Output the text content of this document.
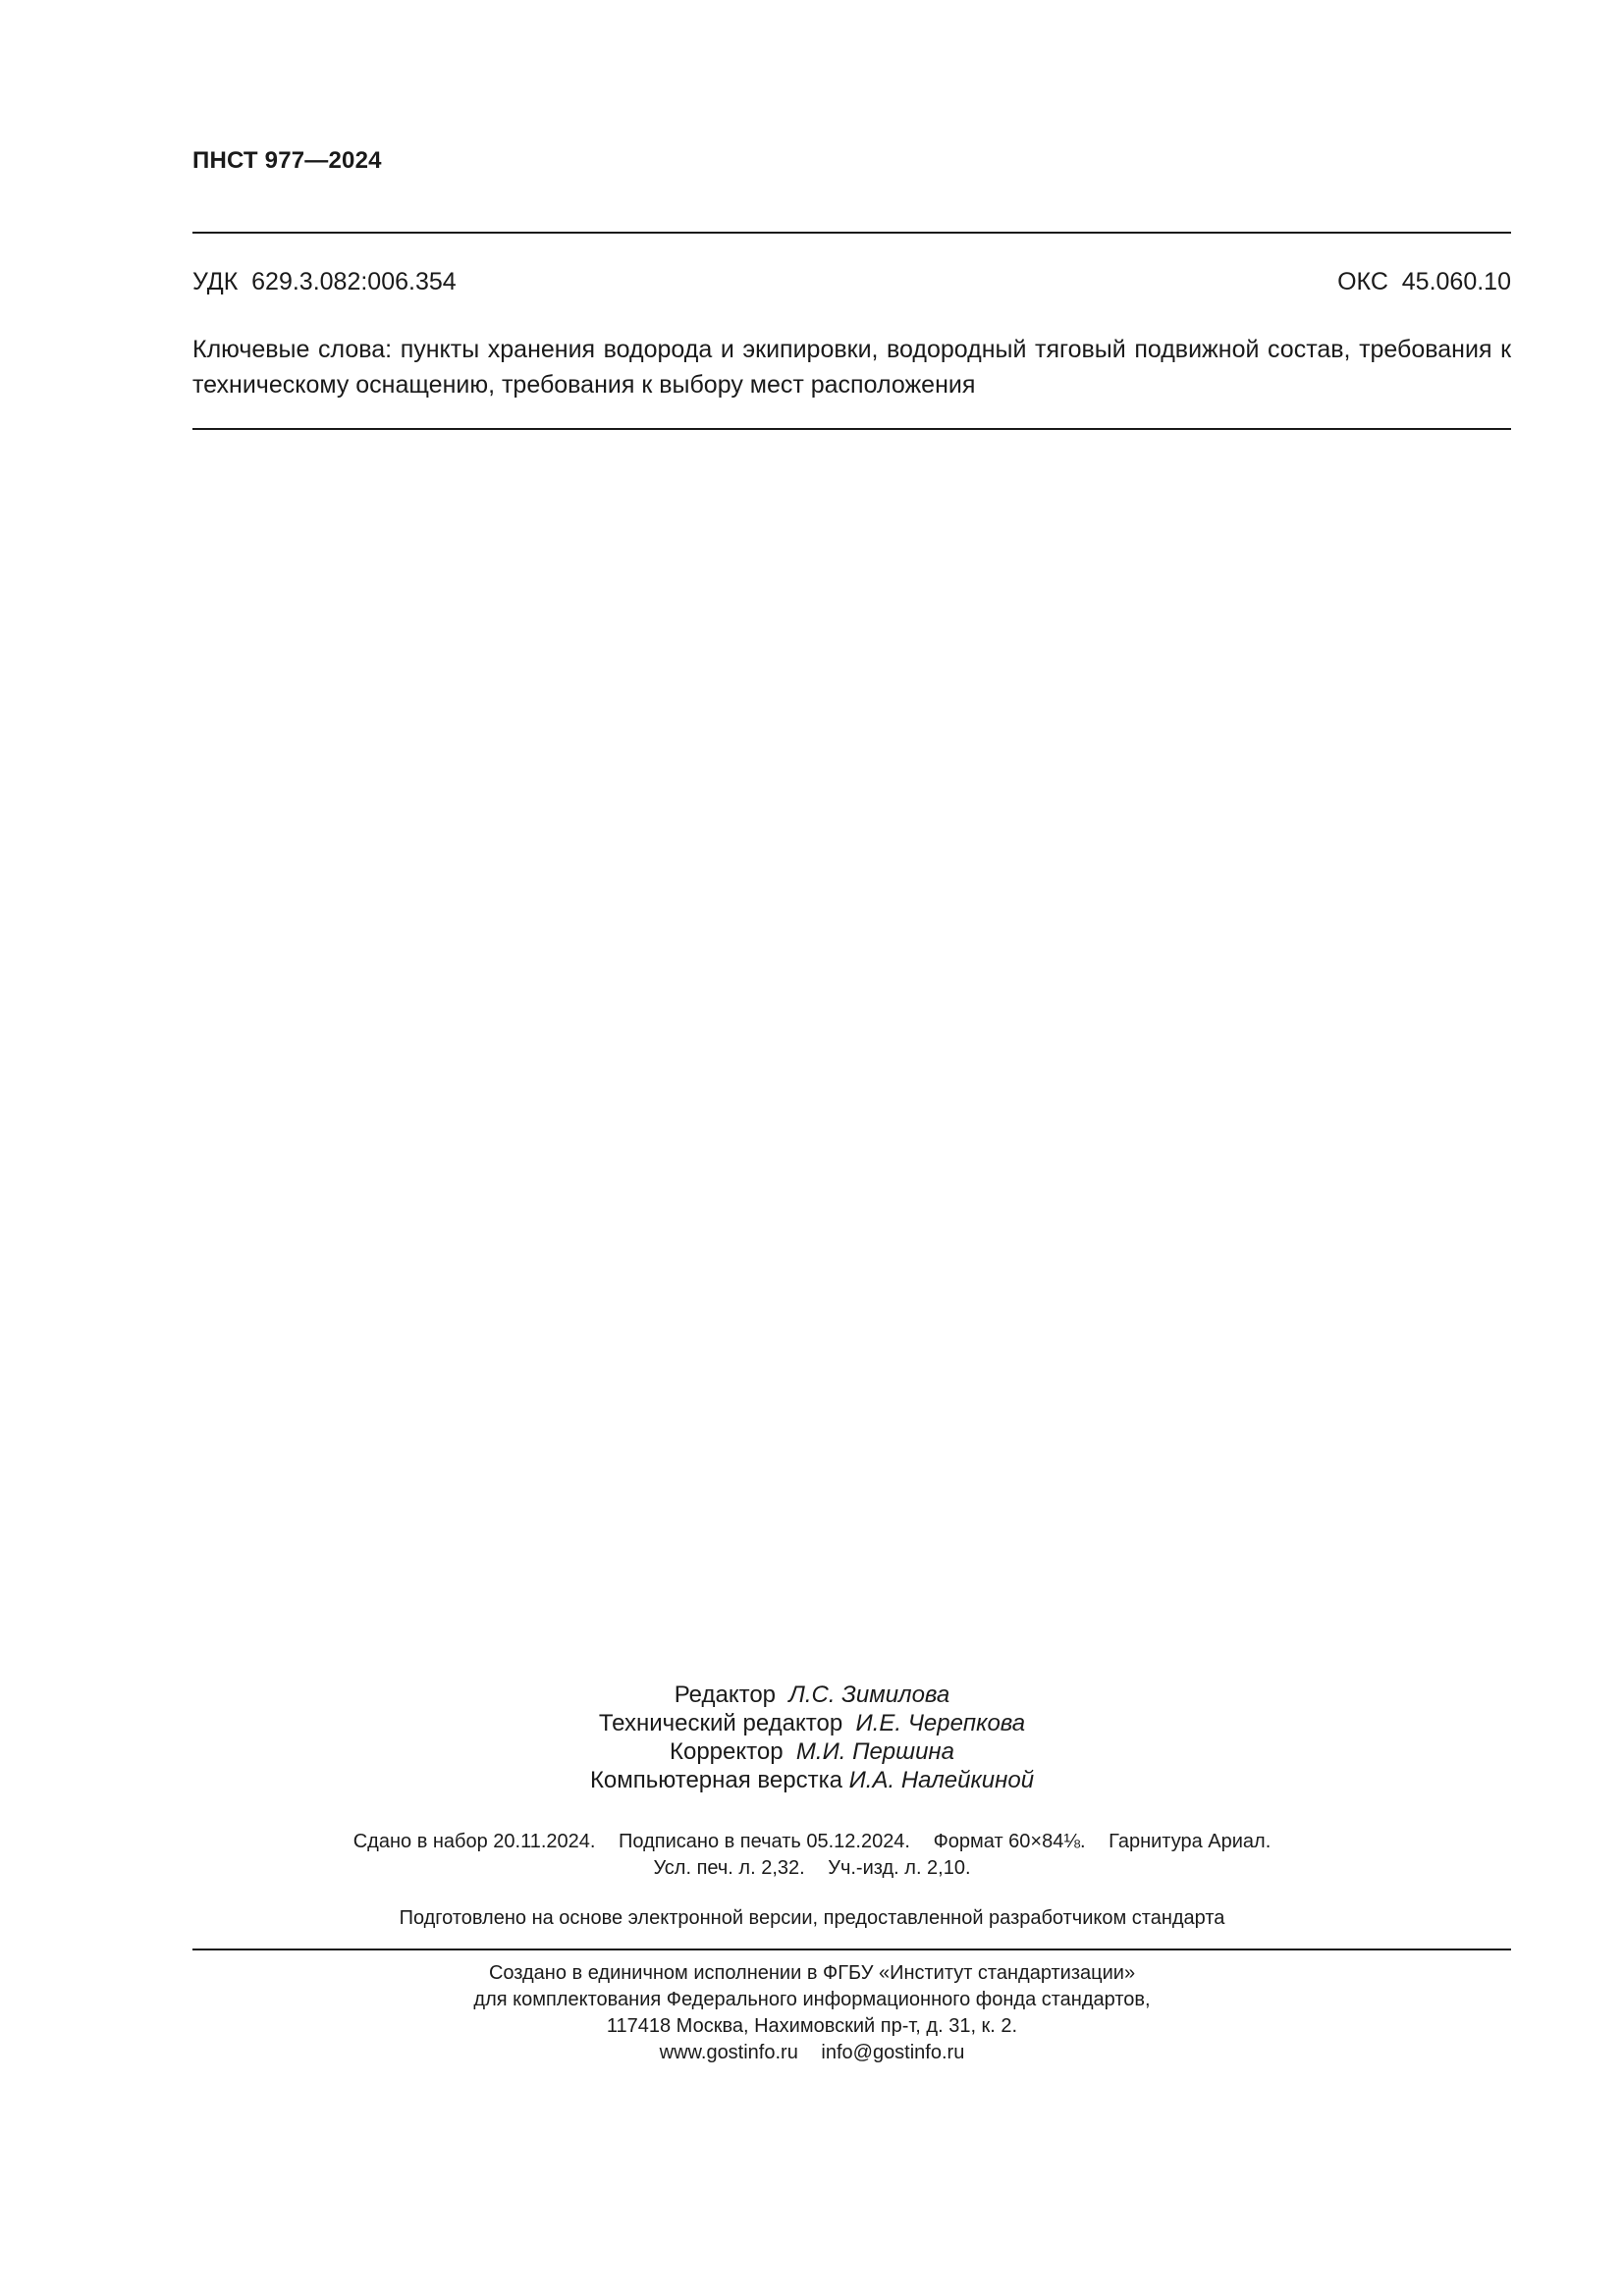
ПНСТ 977—2024
УДК  629.3.082:006.354	ОКС  45.060.10
Ключевые слова: пункты хранения водорода и экипировки, водородный тяговый подвижной состав, требования к техническому оснащению, требования к выбору мест расположения
Редактор Л.С. Зимилова
Технический редактор И.Е. Черепкова
Корректор М.И. Першина
Компьютерная верстка И.А. Налейкиной
Сдано в набор 20.11.2024. Подписано в печать 05.12.2024. Формат 60×84⅛. Гарнитура Ариал.
Усл. печ. л. 2,32. Уч.-изд. л. 2,10.
Подготовлено на основе электронной версии, предоставленной разработчиком стандарта
Создано в единичном исполнении в ФГБУ «Институт стандартизации»
для комплектования Федерального информационного фонда стандартов,
117418 Москва, Нахимовский пр-т, д. 31, к. 2.
www.gostinfo.ru info@gostinfo.ru
